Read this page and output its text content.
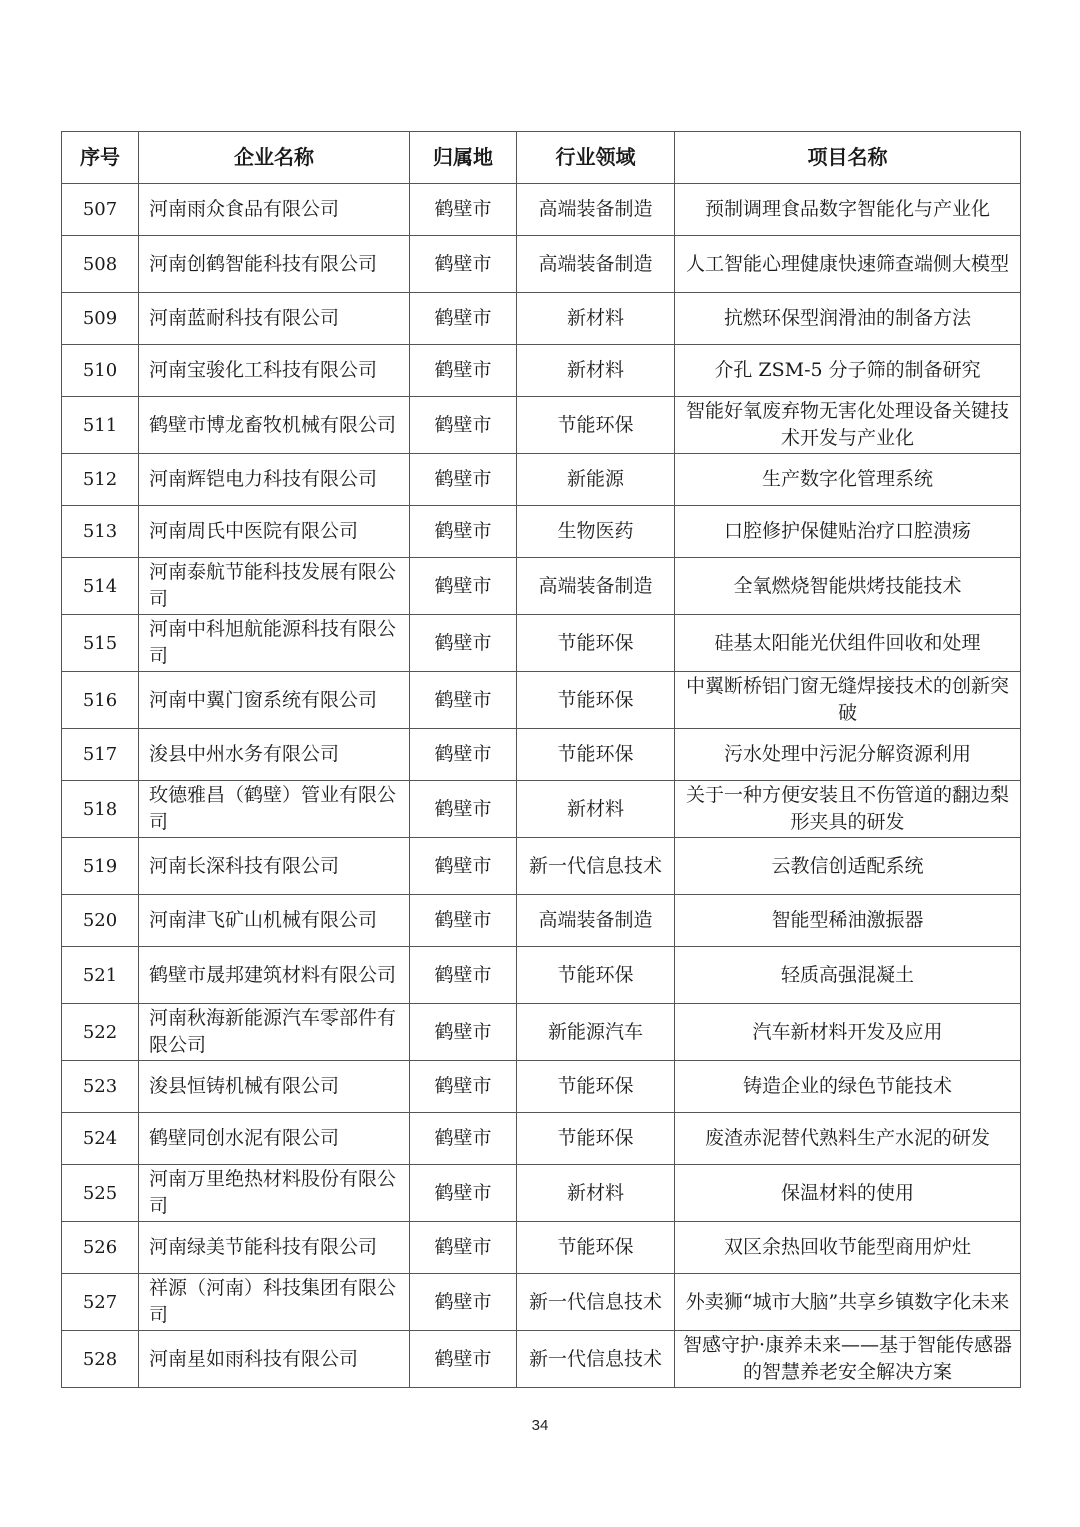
序号	企业名称	归属地	行业领域	项目名称
507	河南雨众食品有限公司	鹤壁市	高端装备制造	预制调理食品数字智能化与产业化
508	河南创鹤智能科技有限公司	鹤壁市	高端装备制造	人工智能心理健康快速筛查端侧大模型
509	河南蓝耐科技有限公司	鹤壁市	新材料	抗燃环保型润滑油的制备方法
510	河南宝骏化工科技有限公司	鹤壁市	新材料	介孔 ZSM-5 分子筛的制备研究
511	鹤壁市博龙畜牧机械有限公司	鹤壁市	节能环保	智能好氧废弃物无害化处理设备关键技术开发与产业化
512	河南辉铠电力科技有限公司	鹤壁市	新能源	生产数字化管理系统
513	河南周氏中医院有限公司	鹤壁市	生物医药	口腔修护保健贴治疗口腔溃疡
514	河南泰航节能科技发展有限公司	鹤壁市	高端装备制造	全氧燃烧智能烘烤技能技术
515	河南中科旭航能源科技有限公司	鹤壁市	节能环保	硅基太阳能光伏组件回收和处理
516	河南中翼门窗系统有限公司	鹤壁市	节能环保	中翼断桥铝门窗无缝焊接技术的创新突破
517	浚县中州水务有限公司	鹤壁市	节能环保	污水处理中污泥分解资源利用
518	玫德雅昌（鹤壁）管业有限公司	鹤壁市	新材料	关于一种方便安装且不伤管道的翻边梨形夹具的研发
519	河南长深科技有限公司	鹤壁市	新一代信息技术	云教信创适配系统
520	河南津飞矿山机械有限公司	鹤壁市	高端装备制造	智能型稀油激振器
521	鹤壁市晟邦建筑材料有限公司	鹤壁市	节能环保	轻质高强混凝土
522	河南秋海新能源汽车零部件有限公司	鹤壁市	新能源汽车	汽车新材料开发及应用
523	浚县恒铸机械有限公司	鹤壁市	节能环保	铸造企业的绿色节能技术
524	鹤壁同创水泥有限公司	鹤壁市	节能环保	废渣赤泥替代熟料生产水泥的研发
525	河南万里绝热材料股份有限公司	鹤壁市	新材料	保温材料的使用
526	河南绿美节能科技有限公司	鹤壁市	节能环保	双区余热回收节能型商用炉灶
527	祥源（河南）科技集团有限公司	鹤壁市	新一代信息技术	外卖狮“城市大脑”共享乡镇数字化未来
528	河南星如雨科技有限公司	鹤壁市	新一代信息技术	智感守护·康养未来——基于智能传感器的智慧养老安全解决方案
34
